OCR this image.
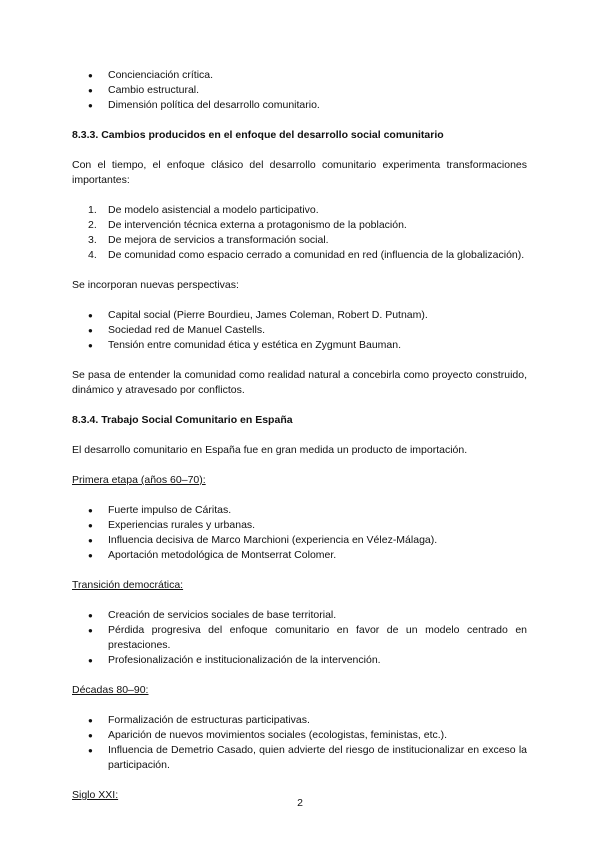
● Concienciación crítica.
● Cambio estructural.
● Dimensión política del desarrollo comunitario.
8.3.3. Cambios producidos en el enfoque del desarrollo social comunitario

Con el tiempo, el enfoque clásico del desarrollo comunitario experimenta transformaciones importantes:

1. De modelo asistencial a modelo participativo.
2. De intervención técnica externa a protagonismo de la población.
3. De mejora de servicios a transformación social.
4. De comunidad como espacio cerrado a comunidad en red (influencia de la globalización).

Se incorporan nuevas perspectivas:

● Capital social (Pierre Bourdieu, James Coleman, Robert D. Putnam).
● Sociedad red de Manuel Castells.
● Tensión entre comunidad ética y estética en Zygmunt Bauman.

Se pasa de entender la comunidad como realidad natural a concebirla como proyecto construido, dinámico y atravesado por conflictos.

8.3.4. Trabajo Social Comunitario en España

El desarrollo comunitario en España fue en gran medida un producto de importación.

Primera etapa (años 60–70):

● Fuerte impulso de Cáritas.
● Experiencias rurales y urbanas.
● Influencia decisiva de Marco Marchioni (experiencia en Vélez-Málaga).
● Aportación metodológica de Montserrat Colomer.

Transición democrática:

● Creación de servicios sociales de base territorial.
● Pérdida progresiva del enfoque comunitario en favor de un modelo centrado en prestaciones.
● Profesionalización e institucionalización de la intervención.

Décadas 80–90:

● Formalización de estructuras participativas.
● Aparición de nuevos movimientos sociales (ecologistas, feministas, etc.).
● Influencia de Demetrio Casado, quien advierte del riesgo de institucionalizar en exceso la participación.

Siglo XXI:

2
